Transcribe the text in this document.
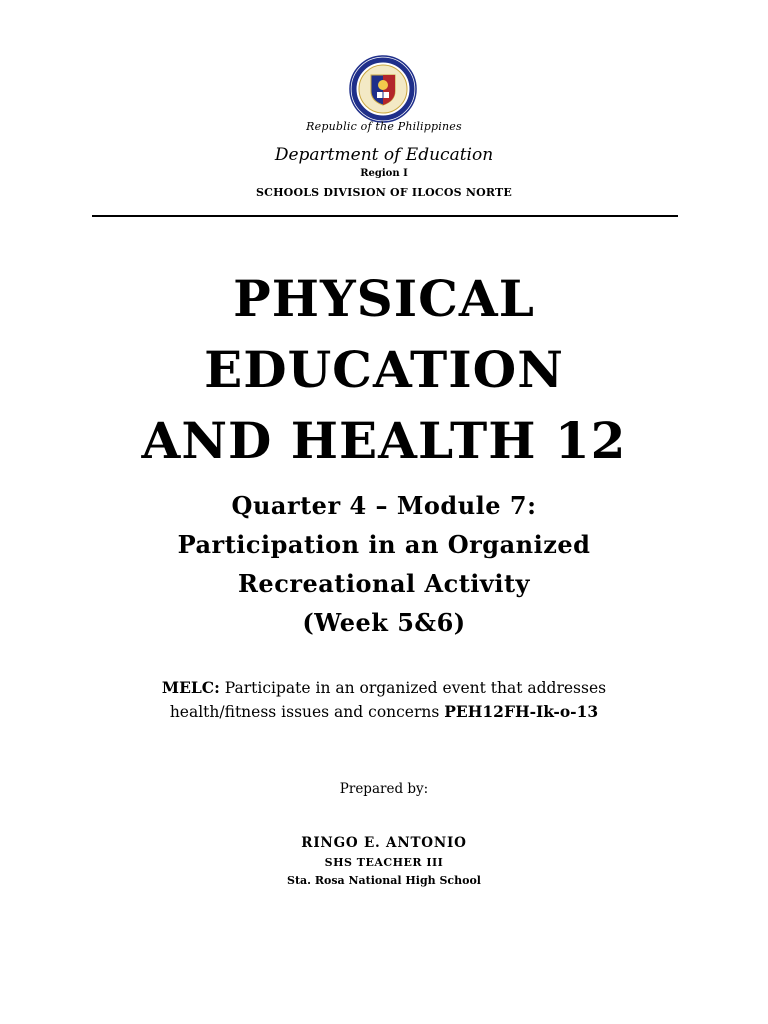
Republic of the Philippines
Department of Education
Region I
SCHOOLS DIVISION OF ILOCOS NORTE
PHYSICAL
EDUCATION
AND HEALTH 12
Quarter 4 – Module 7:
Participation in an Organized
Recreational Activity
(Week 5&6)
MELC: Participate in an organized event that addresses
health/fitness issues and concerns PEH12FH-Ik-o-13
Prepared by:
RINGO E. ANTONIO
SHS TEACHER III
Sta. Rosa National High School
